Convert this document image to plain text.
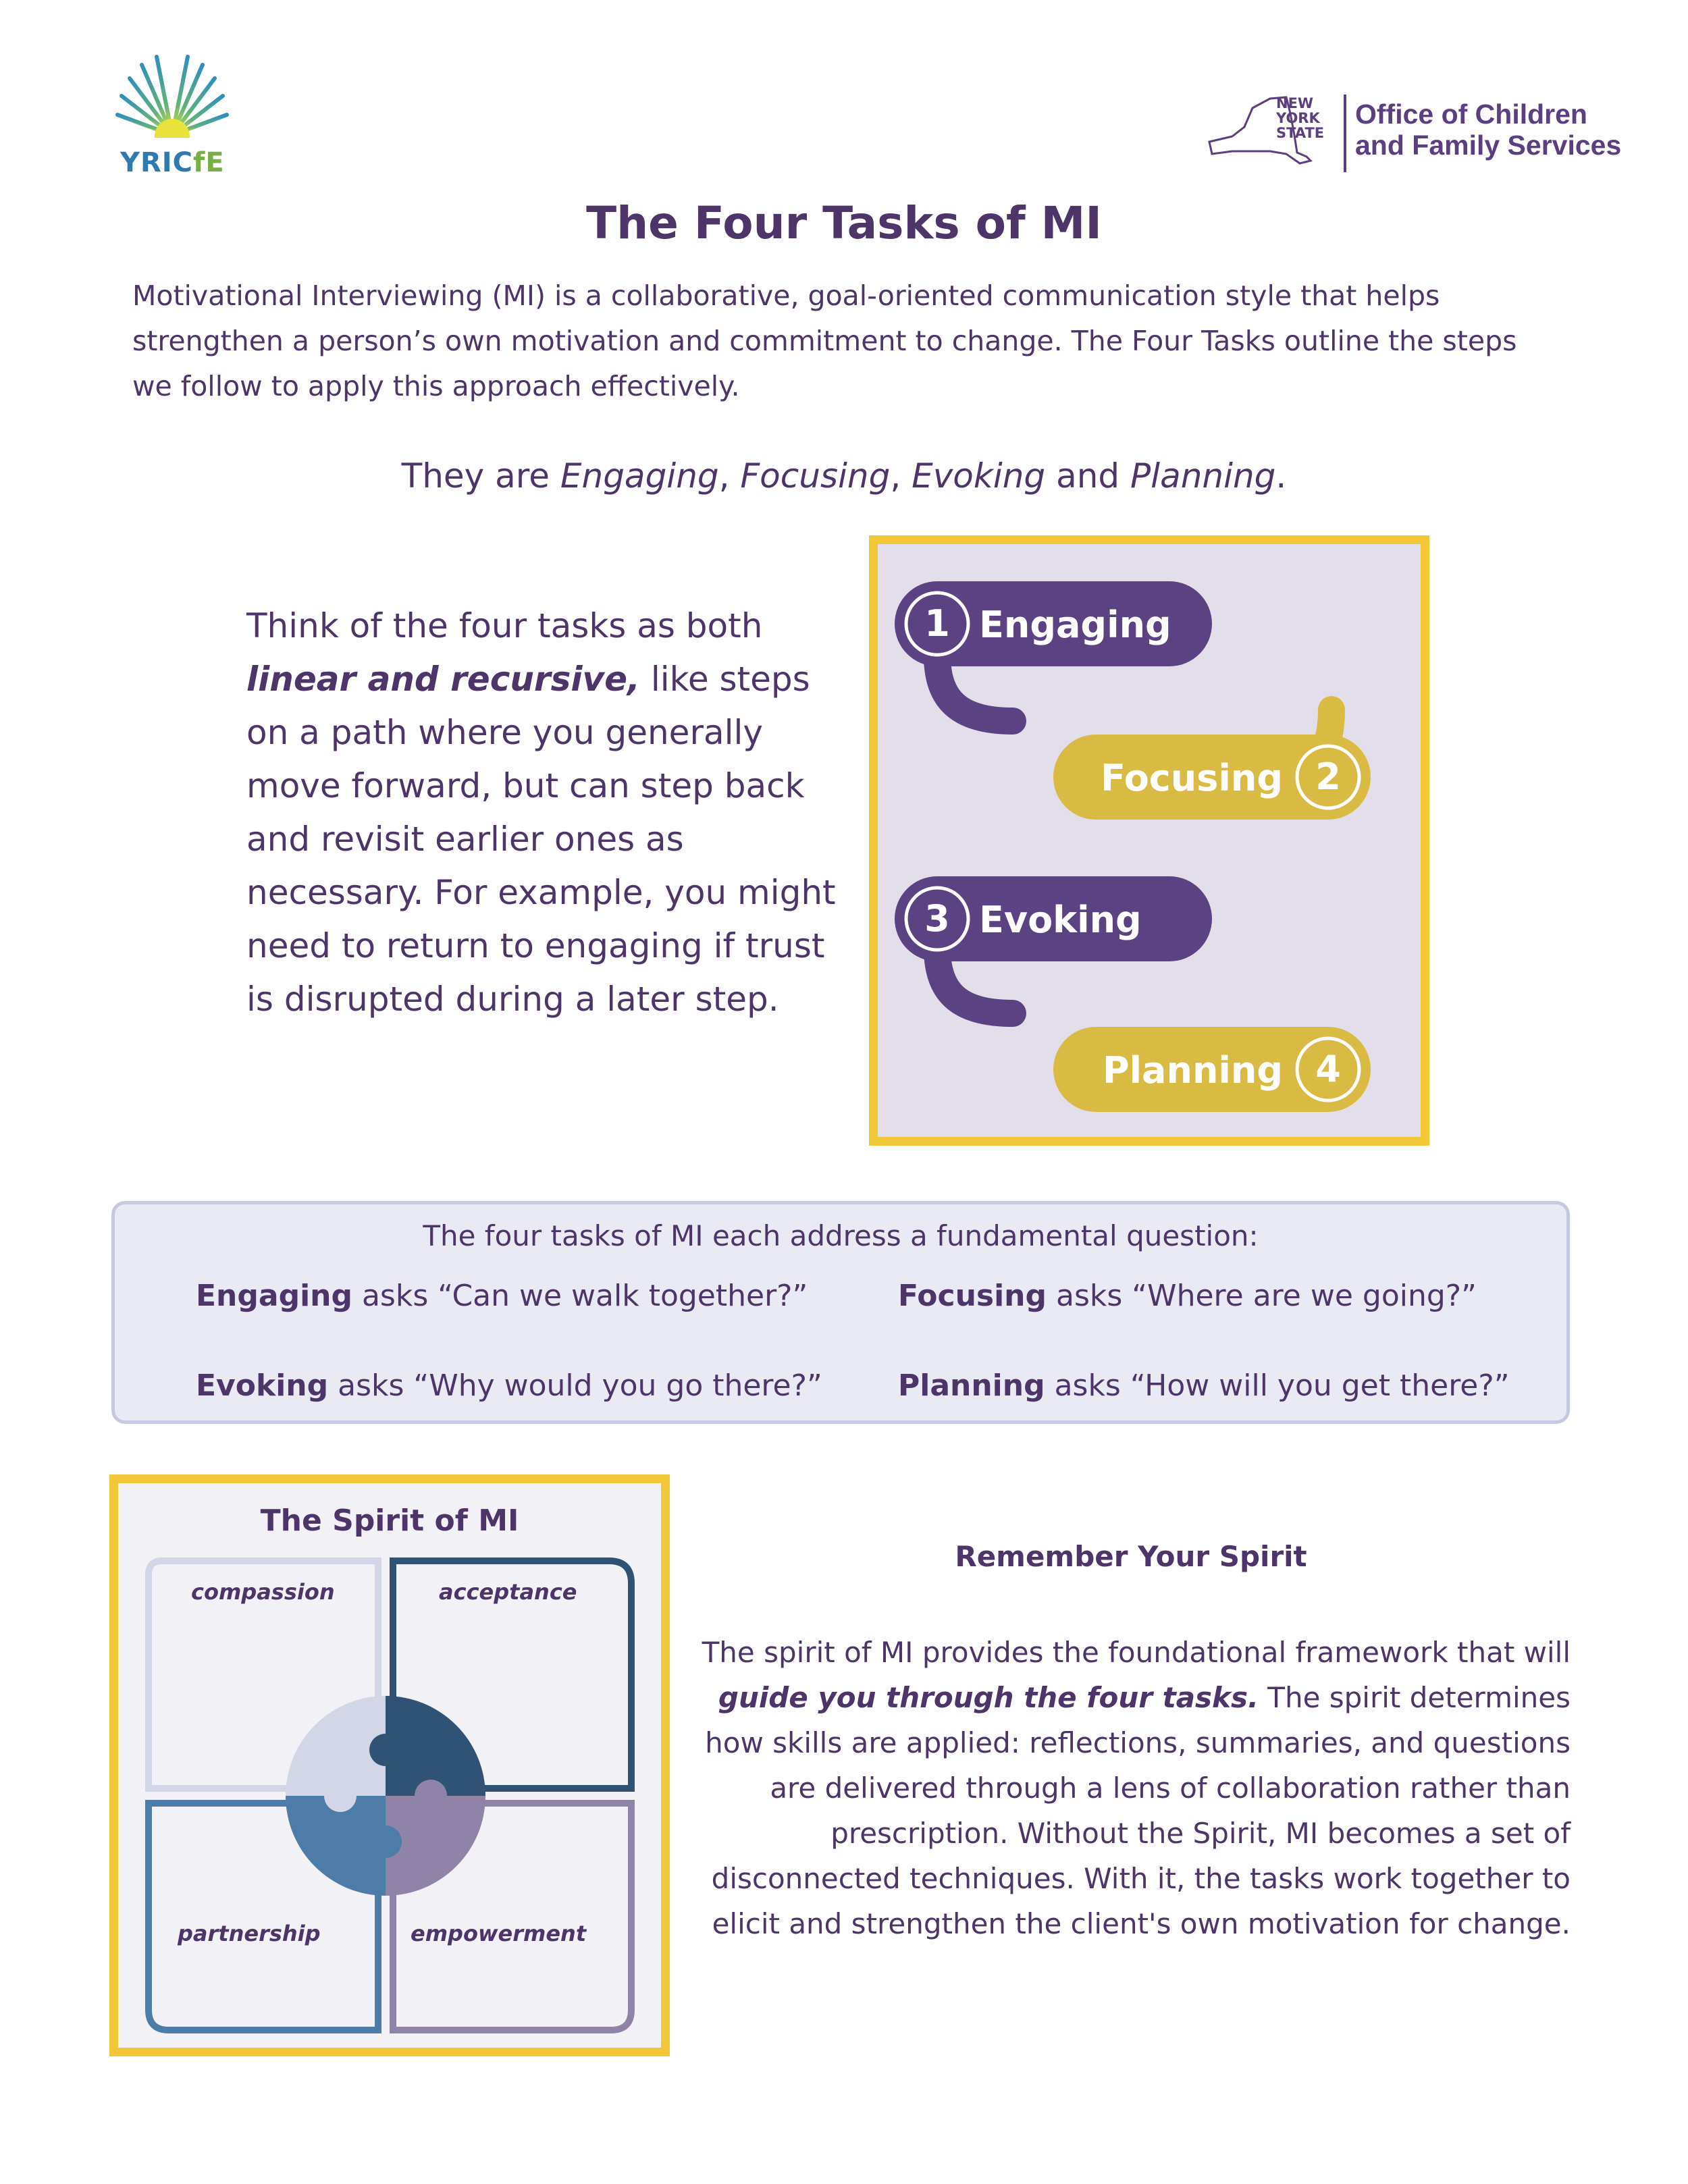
YRICfE
NEW
YORK
STATE
Office of Children
and Family Services
The Four Tasks of MI
Motivational Interviewing (MI) is a collaborative, goal-oriented communication style that helps strengthen a person’s own motivation and commitment to change. The Four Tasks outline the steps we follow to apply this approach effectively.
They are Engaging, Focusing, Evoking and Planning.
Think of the four tasks as both linear and recursive, like steps on a path where you generally move forward, but can step back and revisit earlier ones as necessary. For example, you might need to return to engaging if trust is disrupted during a later step.
1 Engaging
2
Focusing
3 Evoking
4
Planning
The four tasks of MI each address a fundamental question:
Engaging asks “Can we walk together?”	Focusing asks “Where are we going?”
Evoking asks “Why would you go there?”	Planning asks “How will you get there?”
The Spirit of MI
compassion	acceptance
partnership	empowerment
Remember Your Spirit
The spirit of MI provides the foundational framework that will guide you through the four tasks. The spirit determines how skills are applied: reflections, summaries, and questions are delivered through a lens of collaboration rather than prescription. Without the Spirit, MI becomes a set of disconnected techniques. With it, the tasks work together to elicit and strengthen the client's own motivation for change.
